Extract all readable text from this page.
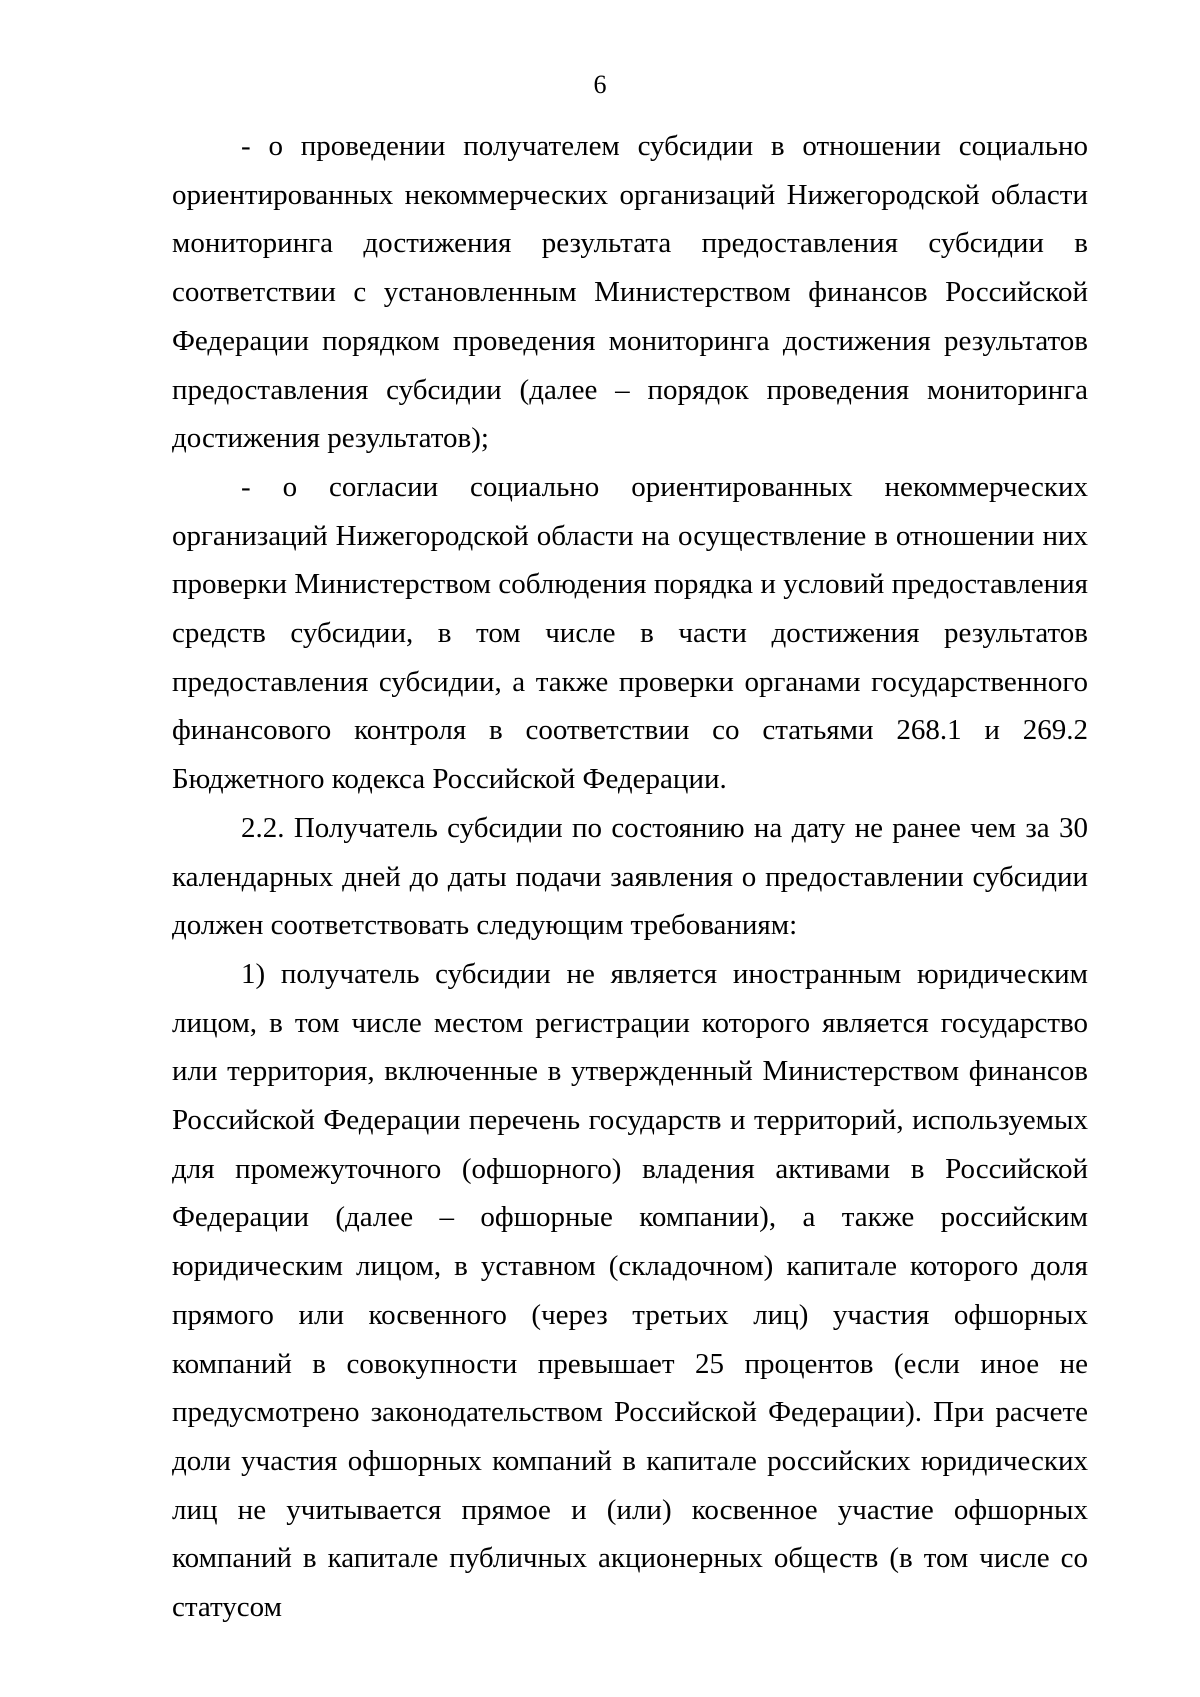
6

- о проведении получателем субсидии в отношении социально ориентированных некоммерческих организаций Нижегородской области мониторинга достижения результата предоставления субсидии в соответствии с установленным Министерством финансов Российской Федерации порядком проведения мониторинга достижения результатов предоставления субсидии (далее – порядок проведения мониторинга достижения результатов);

- о согласии социально ориентированных некоммерческих организаций Нижегородской области на осуществление в отношении них проверки Министерством соблюдения порядка и условий предоставления средств субсидии, в том числе в части достижения результатов предоставления субсидии, а также проверки органами государственного финансового контроля в соответствии со статьями 268.1 и 269.2 Бюджетного кодекса Российской Федерации.

2.2. Получатель субсидии по состоянию на дату не ранее чем за 30 календарных дней до даты подачи заявления о предоставлении субсидии должен соответствовать следующим требованиям:

1) получатель субсидии не является иностранным юридическим лицом, в том числе местом регистрации которого является государство или территория, включенные в утвержденный Министерством финансов Российской Федерации перечень государств и территорий, используемых для промежуточного (офшорного) владения активами в Российской Федерации (далее – офшорные компании), а также российским юридическим лицом, в уставном (складочном) капитале которого доля прямого или косвенного (через третьих лиц) участия офшорных компаний в совокупности превышает 25 процентов (если иное не предусмотрено законодательством Российской Федерации). При расчете доли участия офшорных компаний в капитале российских юридических лиц не учитывается прямое и (или) косвенное участие офшорных компаний в капитале публичных акционерных обществ (в том числе со статусом
